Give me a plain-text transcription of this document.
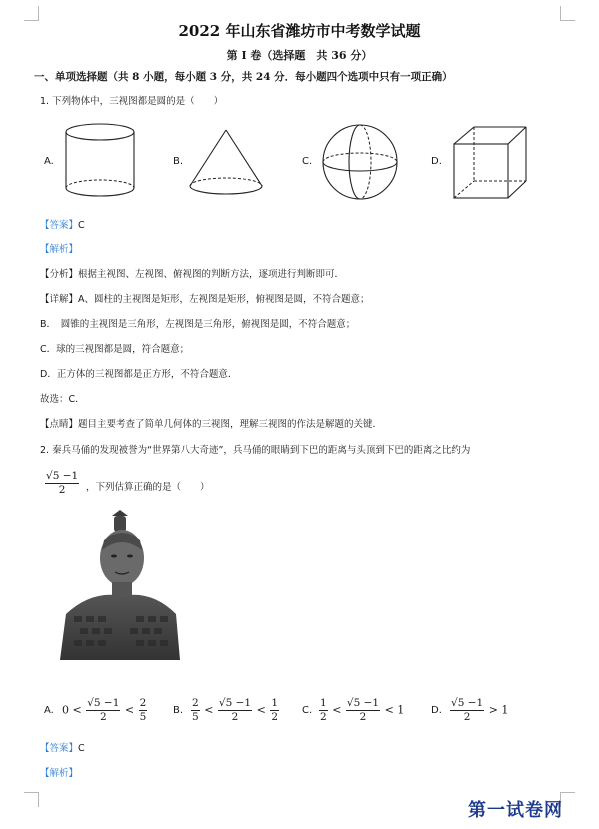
2022 年山东省潍坊市中考数学试题
第 I 卷（选择题　共 36 分）
一、单项选择题（共 8 小题，每小题 3 分，共 24 分．每小题四个选项中只有一项正确）
1. 下列物体中，三视图都是圆的是（　　）
A.	B.	C.	D.
【答案】C
【解析】
【分析】根据主视图、左视图、俯视图的判断方法，逐项进行判断即可．
【详解】A、圆柱的主视图是矩形，左视图是矩形，俯视图是圆，不符合题意；
B．　圆锥的主视图是三角形，左视图是三角形，俯视图是圆，不符合题意；
C．球的三视图都是圆，符合题意；
D．正方体的三视图都是正方形，不符合题意．
故选：C．
【点睛】题目主要考查了简单几何体的三视图，理解三视图的作法是解题的关键．
2. 秦兵马俑的发现被誉为“世界第八大奇迹”，兵马俑的眼睛到下巴的距离与头顶到下巴的距离之比约为
$\frac{√5 -1}{2}$ ，下列估算正确的是（　　）
A. $0 < \frac{√5 -1}{2} < \frac{2}{5}$	B. $\frac{2}{5} < \frac{√5 -1}{2} < \frac{1}{2} C$. $\frac{1}{2} < \frac{√5 -1}{2} < 1$	D. $\frac{√5 -1}{2} > 1$
【答案】C
【解析】
第一试卷网
